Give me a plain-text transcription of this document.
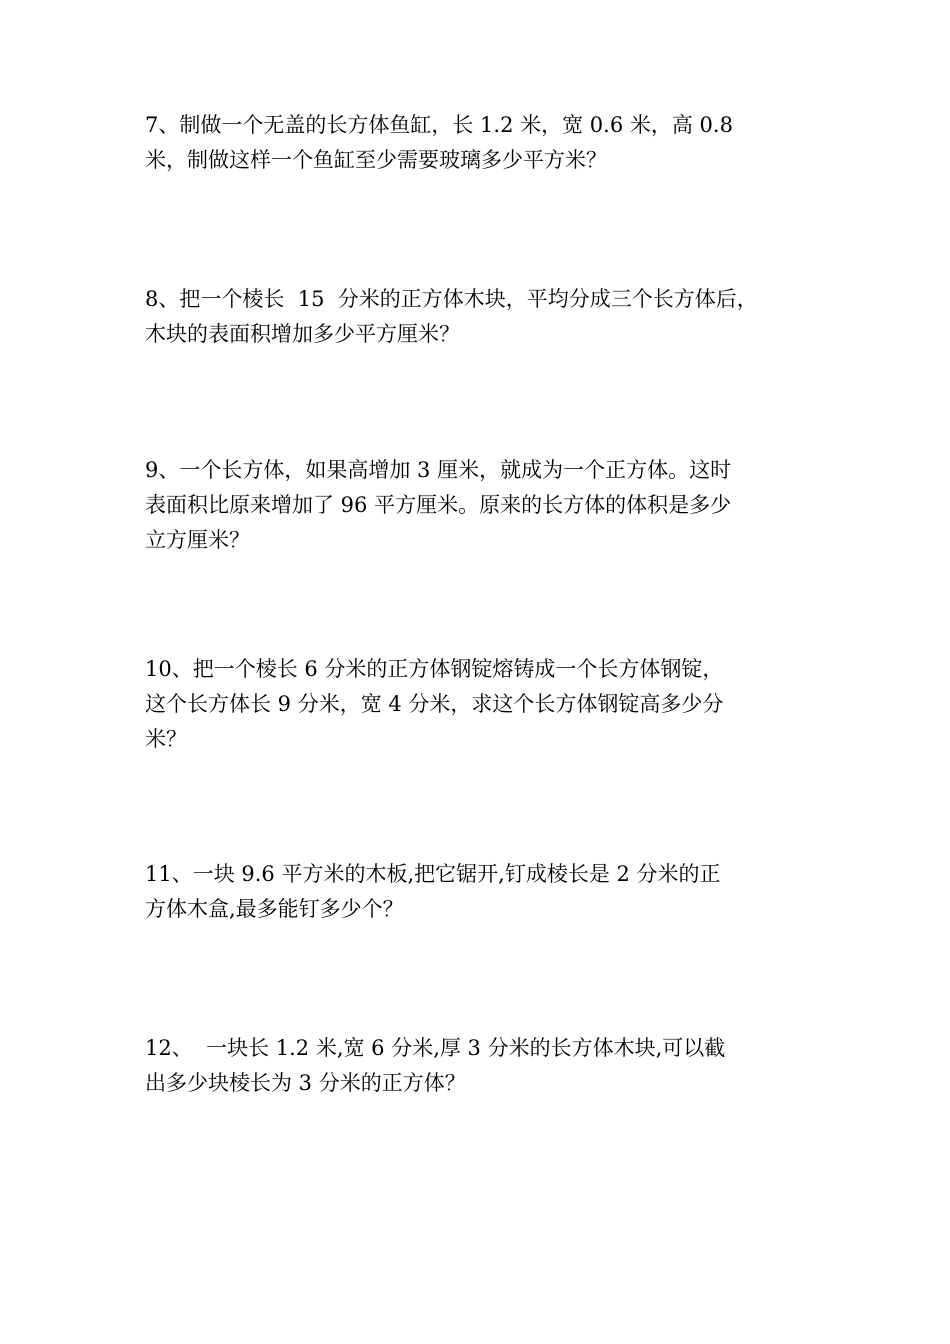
7、制做一个无盖的长方体鱼缸，长 1.2 米，宽 0.6 米，高 0.8
米，制做这样一个鱼缸至少需要玻璃多少平方米？
8、把一个棱长  15  分米的正方体木块，平均分成三个长方体后，
木块的表面积增加多少平方厘米？
9、一个长方体，如果高增加 3 厘米，就成为一个正方体。这时
表面积比原来增加了 96 平方厘米。原来的长方体的体积是多少
立方厘米？
10、把一个棱长 6 分米的正方体钢锭熔铸成一个长方体钢锭，
这个长方体长 9 分米，宽 4 分米，求这个长方体钢锭高多少分
米？
11、一块 9.6 平方米的木板,把它锯开,钉成棱长是 2 分米的正
方体木盒,最多能钉多少个？
12、  一块长 1.2 米,宽 6 分米,厚 3 分米的长方体木块,可以截
出多少块棱长为 3 分米的正方体？
